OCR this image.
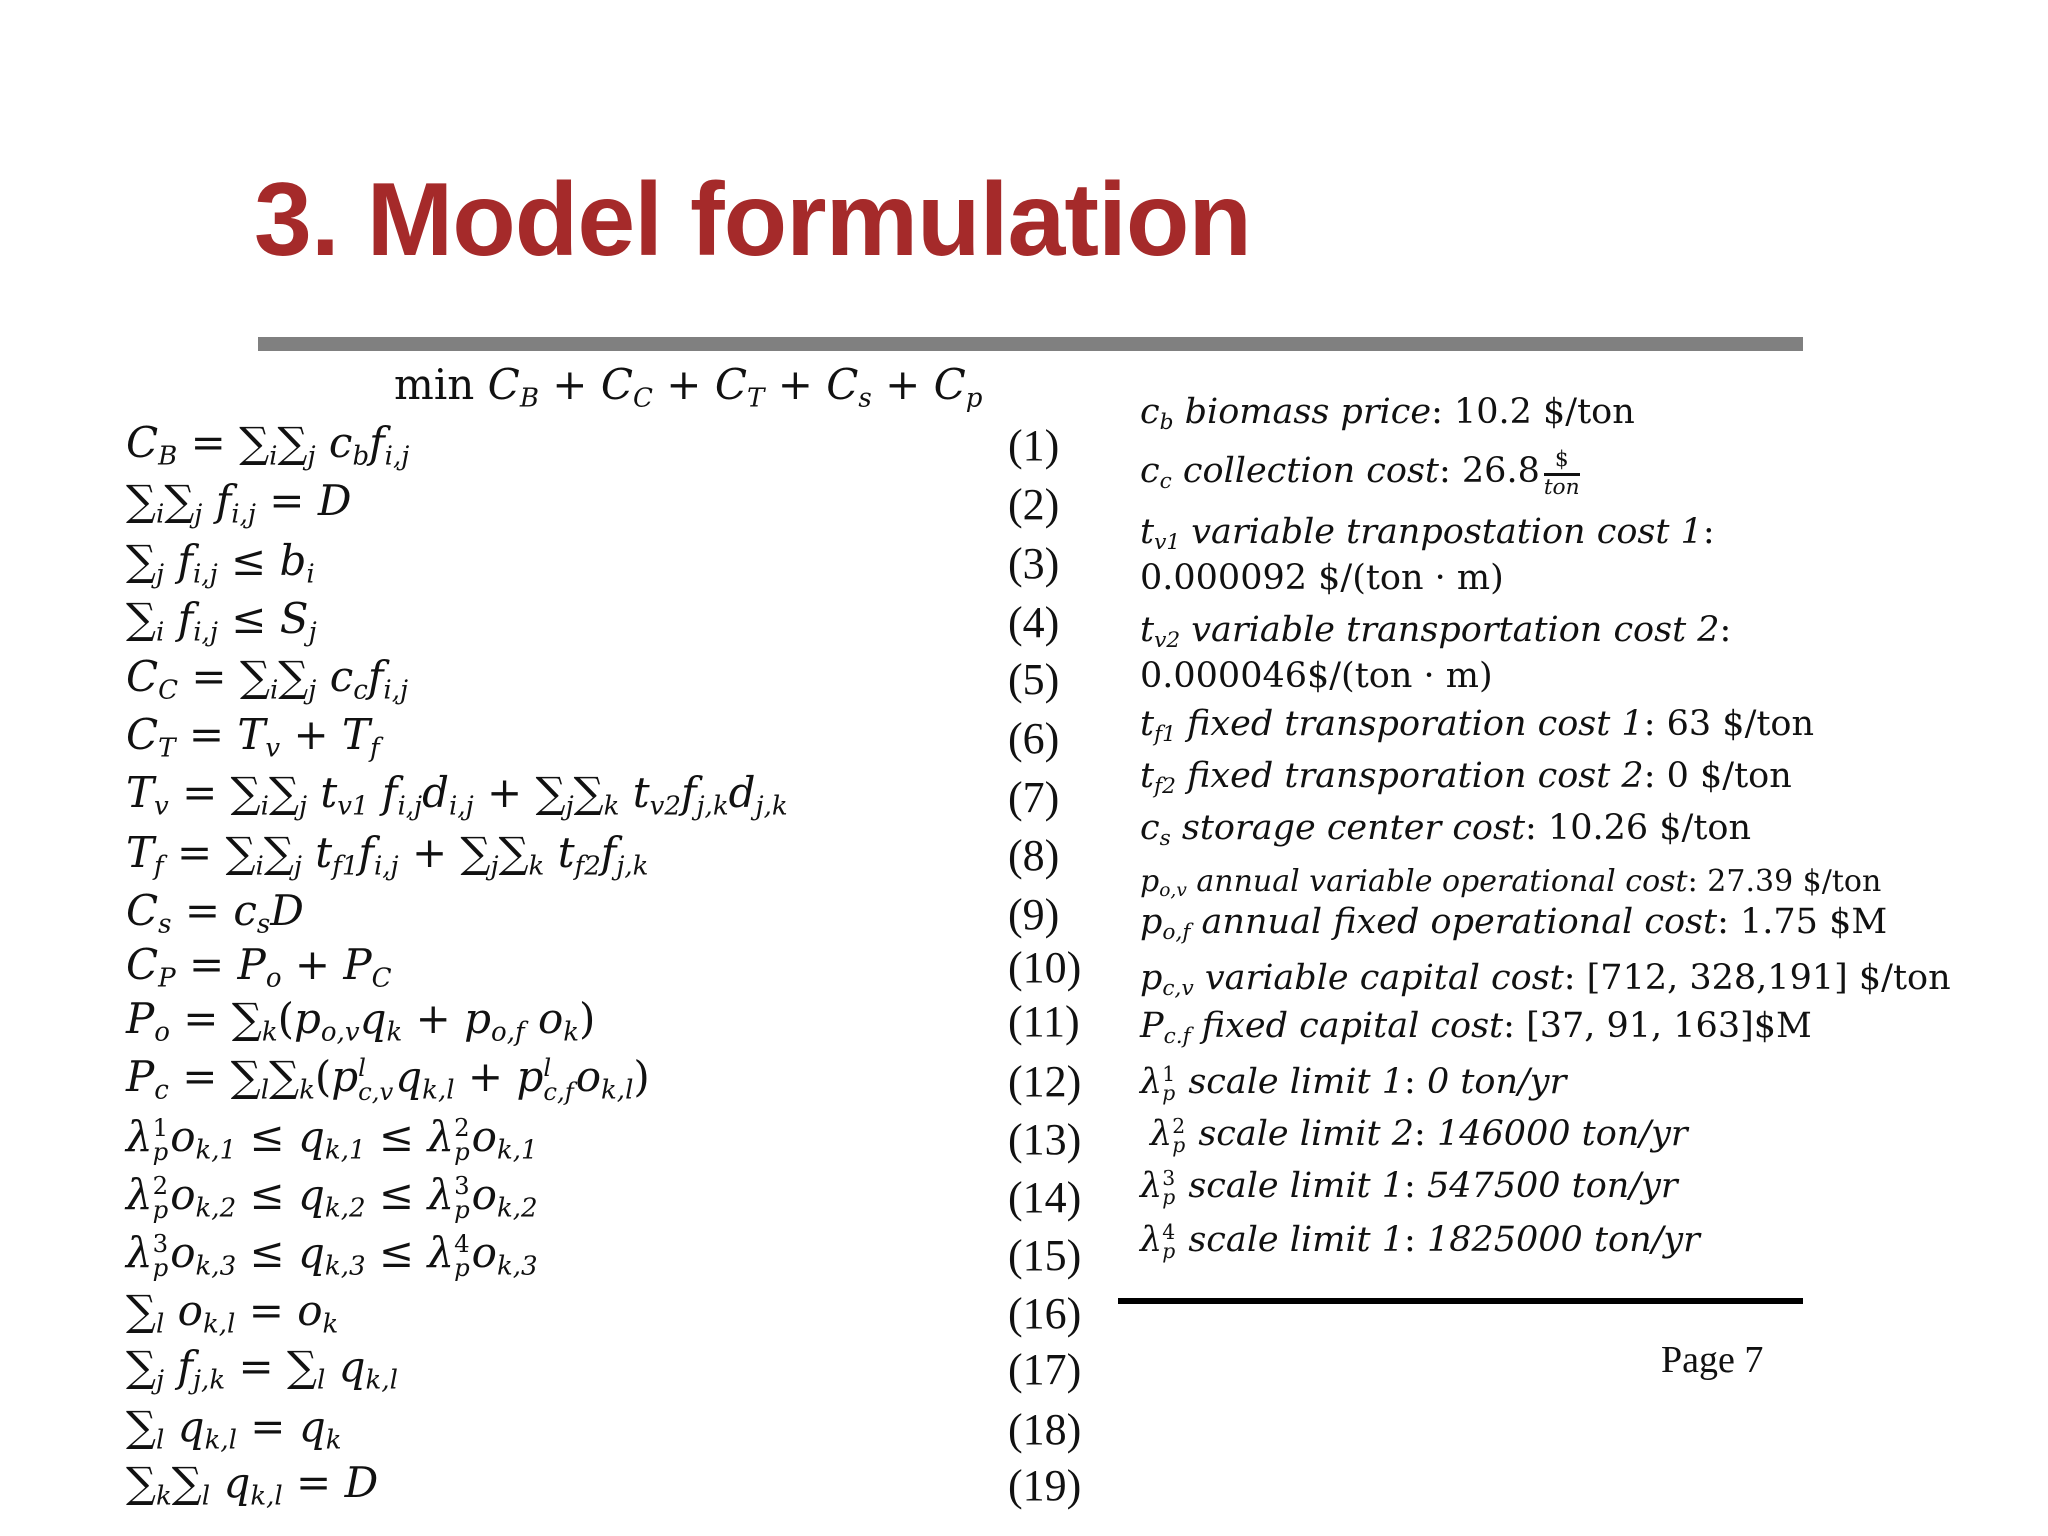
3. Model formulation
$\min C_B + C_C + C_T + C_s + C_p$
$C_B = \sum_i\sum_j$ $c_bf_{i,j}$	(1)
$\sum_i\sum_j$ $f_{i,j} = D$	(2)
$\sum_j$ $f_{i,j} \le b_i$	(3)
$\sum_i$ $f_{i,j} \le S_j$	(4)
$C_C = \sum_i\sum_j$ $c_cf_{i,j}$	(5)
$C_T = T_v + T_f$	(6)
$T_v = \sum_i\sum_j$ $t_{v1}$ $f_{i,j}d_{i,j} + \sum_j\sum_k$ $t_{v2}f_{j,k}d_{j,k}$	(7)
$T_f = \sum_i\sum_j$ $t_{f1}f_{i,j} + \sum_j\sum_k$ $t_{f2}f_{j,k}$	(8)
$C_s = c_sD$	(9)
$C_P = P_o + P_C$	(10)
$P_o = \sum_k(p_{o,v}q_k + p_{o,f}$ $o_k$)	(11)
$P_c = \sum_l\sum_k(p$ l
c,v $q_{k,l} + p$ l
c,f $o_{k,l}$)	(12)
λ 1
p $o_{k,1} \le q_{k,1} \le \lambda$ 2
p $o_{k,1}$	(13)
λ 2
p $o_{k,2} \le q_{k,2} \le \lambda$ 3
p $o_{k,2}$	(14)
λ 3
p $o_{k,3} \le q_{k,3} \le \lambda$ 4
p $o_{k,3}$	(15)
$\sum_l$ $o_{k,l} = o_k$	(16)
$\sum_j$ $f_{j,k} = \sum_l$ $q_{k,l}$	(17)
$\sum_l$ $q_{k,l} = q_k$	(18)
$\sum_k\sum_l$ $q_{k,l} = D$	(19)
$c_b$ biomass price: 10.2 $/ton
$c_c$ collection cost: $26.8 \frac{\$}{\text{ton}}$
$t_{v1}$ variable tranpostation cost 1:
0.000092 $/(ton · m)
$t_{v2}$ variable transportation cost 2:
0.000046$/(ton · m)
$t_{f1}$ fixed transporation cost 1: 63 $/ton
$t_{f2}$ fixed transporation cost 2: 0 $/ton
$c_s$ storage center cost: 10.26 $/ton
$p_{o,v}$ annual variable operational cost: 27.39 $/ton
$p_{o,f}$ annual fixed operational cost: 1.75 $M
$p_{c,v}$ variable capital cost: [712, 328,191] $/ton
$P_{c.f}$ fixed capital cost: [37, 91, 163]$M
λ 1
p scale limit 1: 0 ton/yr
λ 2
p scale limit 2: 146000 ton/yr
λ 3
p scale limit 1: 547500 ton/yr
λ 4
p scale limit 1: 1825000 ton/yr
Page 7
